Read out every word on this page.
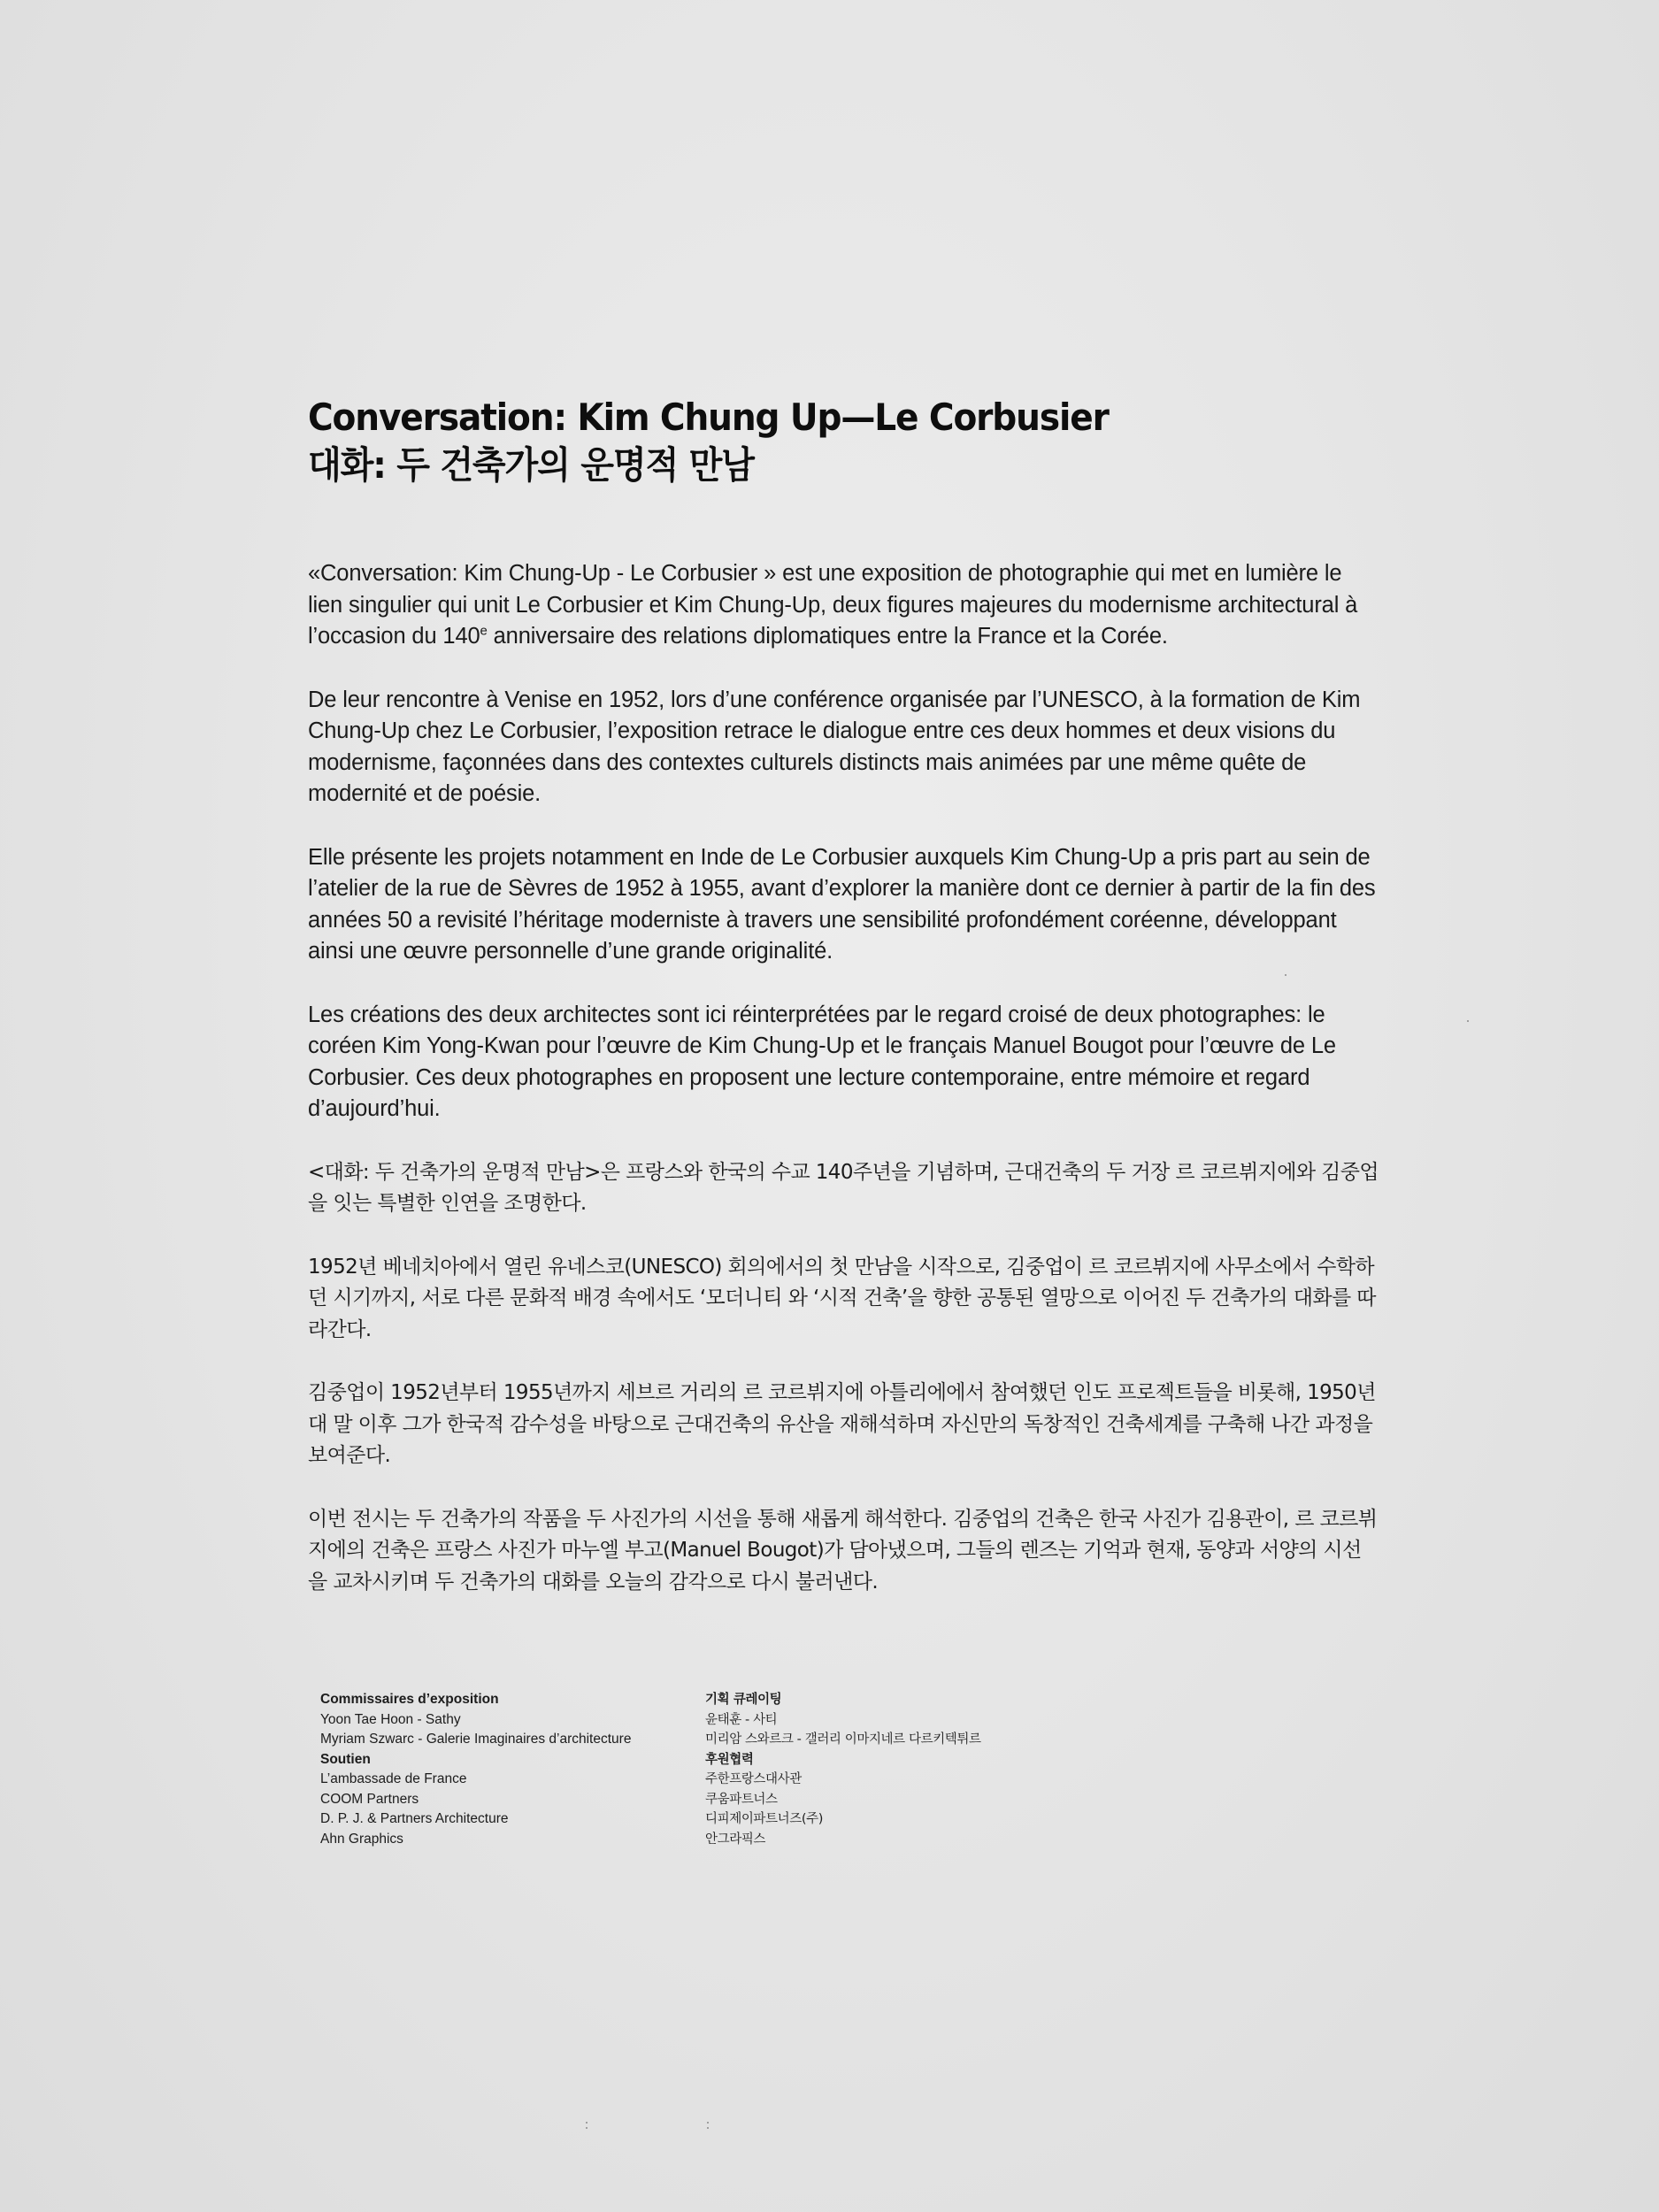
Conversation: Kim Chung Up—Le Corbusier
대화: 두 건축가의 운명적 만남

«Conversation: Kim Chung-Up - Le Corbusier » est une exposition de photographie qui met en lumière le lien singulier qui unit Le Corbusier et Kim Chung-Up, deux figures majeures du modernisme architectural à l’occasion du 140e anniversaire des relations diplomatiques entre la France et la Corée.

De leur rencontre à Venise en 1952, lors d’une conférence organisée par l’UNESCO, à la formation de Kim Chung-Up chez Le Corbusier, l’exposition retrace le dialogue entre ces deux hommes et deux visions du modernisme, façonnées dans des contextes culturels distincts mais animées par une même quête de modernité et de poésie.

Elle présente les projets notamment en Inde de Le Corbusier auxquels Kim Chung-Up a pris part au sein de l’atelier de la rue de Sèvres de 1952 à 1955, avant d’explorer la manière dont ce dernier à partir de la fin des années 50 a revisité l’héritage moderniste à travers une sensibilité profondément coréenne, développant ainsi une œuvre personnelle d’une grande originalité.

Les créations des deux architectes sont ici réinterprétées par le regard croisé de deux photographes: le coréen Kim Yong-Kwan pour l’œuvre de Kim Chung-Up et le français Manuel Bougot pour l’œuvre de Le Corbusier. Ces deux photographes en proposent une lecture contemporaine, entre mémoire et regard d’aujourd’hui.

<대화: 두 건축가의 운명적 만남>은 프랑스와 한국의 수교 140주년을 기념하며, 근대건축의 두 거장 르 코르뷔지에와 김중업을 잇는 특별한 인연을 조명한다.

1952년 베네치아에서 열린 유네스코(UNESCO) 회의에서의 첫 만남을 시작으로, 김중업이 르 코르뷔지에 사무소에서 수학하던 시기까지, 서로 다른 문화적 배경 속에서도 ‘모더니티 와 ‘시적 건축’을 향한 공통된 열망으로 이어진 두 건축가의 대화를 따라간다.

김중업이 1952년부터 1955년까지 세브르 거리의 르 코르뷔지에 아틀리에에서 참여했던 인도 프로젝트들을 비롯해, 1950년대 말 이후 그가 한국적 감수성을 바탕으로 근대건축의 유산을 재해석하며 자신만의 독창적인 건축세계를 구축해 나간 과정을 보여준다.

이번 전시는 두 건축가의 작품을 두 사진가의 시선을 통해 새롭게 해석한다. 김중업의 건축은 한국 사진가 김용관이, 르 코르뷔지에의 건축은 프랑스 사진가 마누엘 부고(Manuel Bougot)가 담아냈으며, 그들의 렌즈는 기억과 현재, 동양과 서양의 시선을 교차시키며 두 건축가의 대화를 오늘의 감각으로 다시 불러낸다.

Commissaires d’exposition
Yoon Tae Hoon - Sathy
Myriam Szwarc - Galerie Imaginaires d’architecture
Soutien
L’ambassade de France
COOM Partners
D. P. J. & Partners Architecture
Ahn Graphics
기획 큐레이팅
윤태훈 - 사티
미리암 스와르크 - 갤러리 이마지네르 다르키텍튀르
후원협력
주한프랑스대사관
쿠움파트너스
디피제이파트너즈(주)
안그라픽스
